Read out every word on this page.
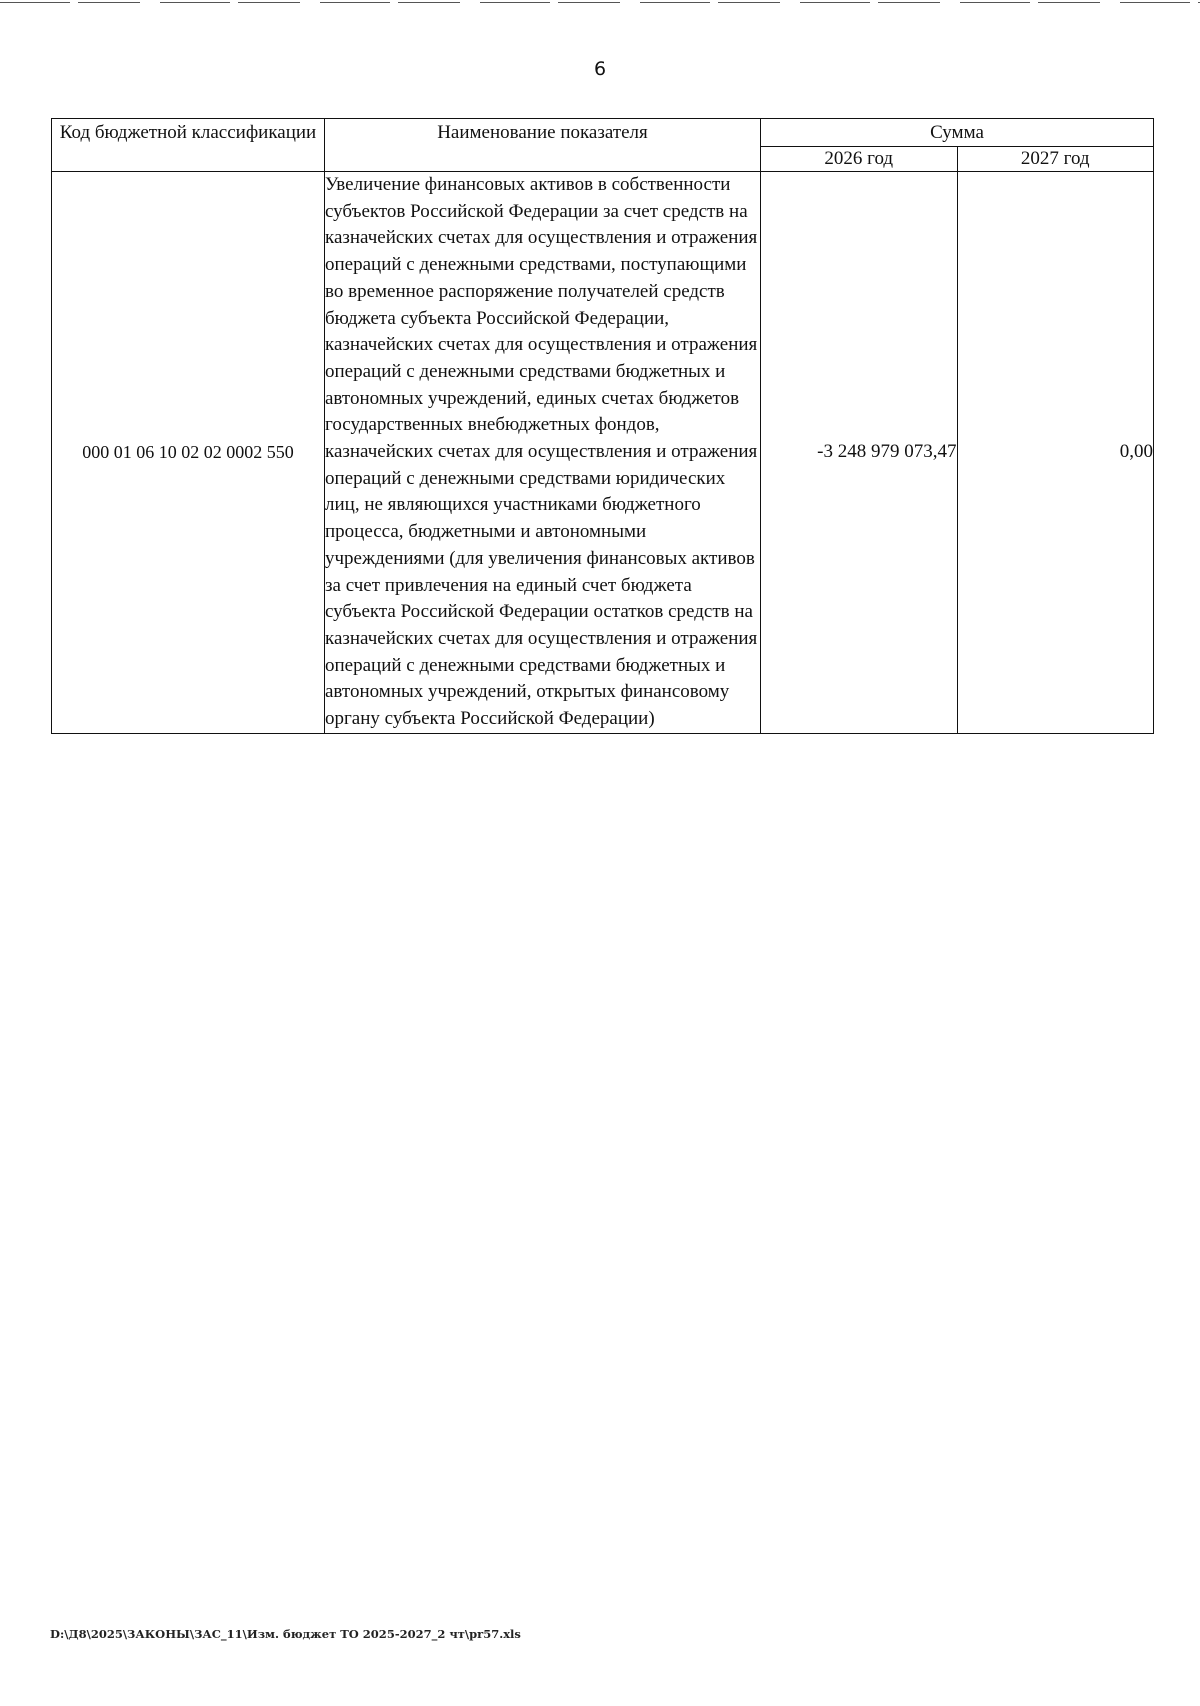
6
Код бюджетной классификации	Наименование показателя	Сумма	
		2026 год	2027 год
000 01 06 10 02 02 0002 550	Увеличение финансовых активов в собственности субъектов Российской Федерации за счет средств на казначейских счетах для осуществления и отражения операций с денежными средствами, поступающими во временное распоряжение получателей средств бюджета субъекта Российской Федерации, казначейских счетах для осуществления и отражения операций с денежными средствами бюджетных и автономных учреждений, единых счетах бюджетов государственных внебюджетных фондов, казначейских счетах для осуществления и отражения операций с денежными средствами юридических лиц, не являющихся участниками бюджетного процесса, бюджетными и автономными учреждениями (для увеличения финансовых активов за счет привлечения на единый счет бюджета субъекта Российской Федерации остатков средств на казначейских счетах для осуществления и отражения операций с денежными средствами бюджетных и автономных учреждений, открытых финансовому органу субъекта Российской Федерации)	-3 248 979 073,47	0,00
D:\Д8\2025\ЗАКОНЫ\ЗАС_11\Изм. бюджет ТО 2025-2027_2 чт\pr57.xls
